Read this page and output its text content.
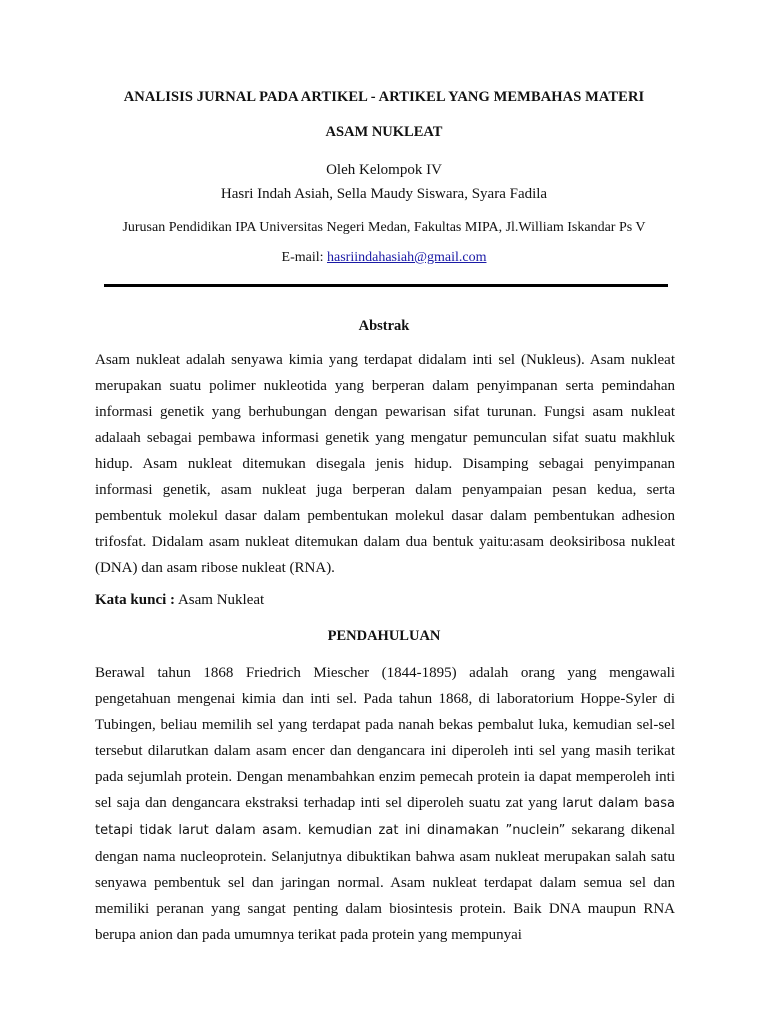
ANALISIS JURNAL PADA ARTIKEL - ARTIKEL YANG MEMBAHAS MATERI
ASAM NUKLEAT
Oleh Kelompok IV
Hasri Indah Asiah, Sella Maudy Siswara, Syara Fadila
Jurusan Pendidikan IPA Universitas Negeri Medan, Fakultas MIPA, Jl.William Iskandar Ps V
E-mail: hasriindahasiah@gmail.com
Abstrak
Asam nukleat adalah senyawa kimia yang terdapat didalam inti sel (Nukleus). Asam nukleat merupakan suatu polimer nukleotida yang berperan dalam penyimpanan serta pemindahan informasi genetik yang berhubungan dengan pewarisan sifat turunan. Fungsi asam nukleat adalaah sebagai pembawa informasi genetik yang mengatur pemunculan sifat suatu makhluk hidup. Asam nukleat ditemukan disegala jenis hidup. Disamping sebagai penyimpanan informasi genetik, asam nukleat juga berperan dalam penyampaian pesan kedua, serta pembentuk molekul dasar dalam pembentukan molekul dasar dalam pembentukan adhesion trifosfat. Didalam asam nukleat ditemukan dalam dua bentuk yaitu:asam deoksiribosa nukleat (DNA) dan asam ribose nukleat (RNA).
Kata kunci : Asam Nukleat
PENDAHULUAN
Berawal tahun 1868 Friedrich Miescher (1844-1895) adalah orang yang mengawali pengetahuan mengenai kimia dan inti sel. Pada tahun 1868, di laboratorium Hoppe-Syler di Tubingen, beliau memilih sel yang terdapat pada nanah bekas pembalut luka, kemudian sel-sel tersebut dilarutkan dalam asam encer dan dengancara ini diperoleh inti sel yang masih terikat pada sejumlah protein. Dengan menambahkan enzim pemecah protein ia dapat memperoleh inti sel saja dan dengancara ekstraksi terhadap inti sel diperoleh suatu zat yang larut dalam basa tetapi tidak larut dalam asam. kemudian zat ini dinamakan ”nuclein” sekarang dikenal dengan nama nucleoprotein. Selanjutnya dibuktikan bahwa asam nukleat merupakan salah satu senyawa pembentuk sel dan jaringan normal. Asam nukleat terdapat dalam semua sel dan memiliki peranan yang sangat penting dalam biosintesis protein. Baik DNA maupun RNA berupa anion dan pada umumnya terikat pada protein yang mempunyai
